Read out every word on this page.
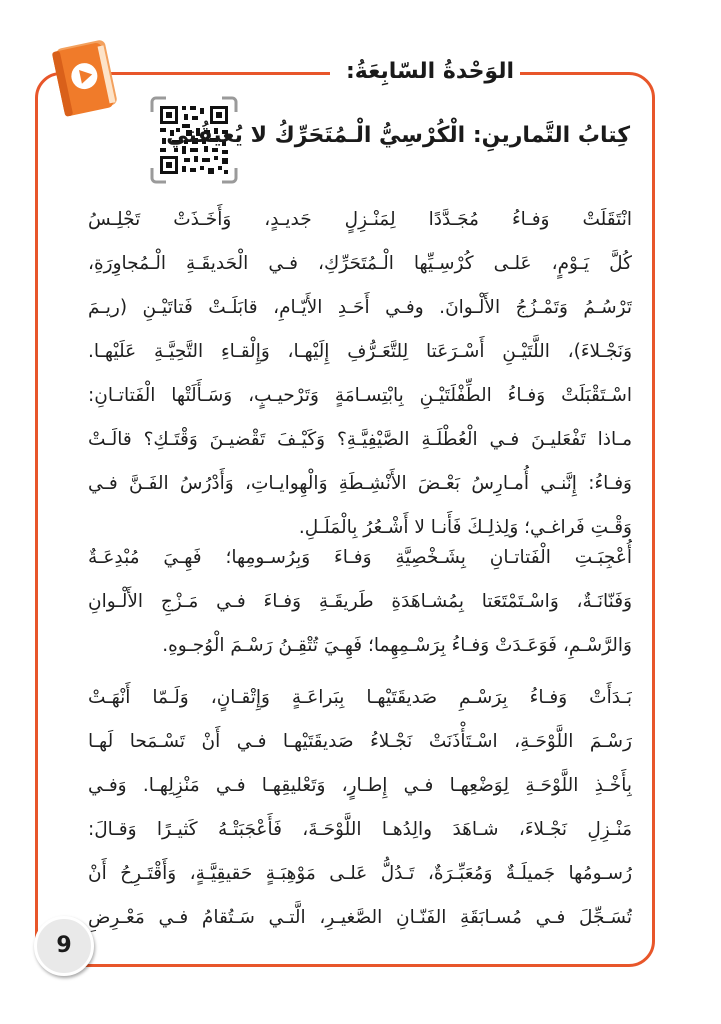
الوَحْدةُ السّابِعَةُ:
كِتابُ التَّمارينِ: الْكُرْسِيُّ الْـمُتَحَرِّكُ لا يُعيقُني
انْتَقَلَتْ وَفـاءُ مُجَـدَّدًا لِمَنْـزِلٍ جَديـدٍ، وَأَخَـذَتْ تَجْلِـسُ
كُلَّ يَـوْمٍ، عَلـى كُرْسِـيِّها الْـمُتَحَرِّكِ، فـي الْحَديقَـةِ الْـمُجاوِرَةِ،
تَرْسُـمُ وَتَمْـزُجُ الأَلْـوانَ. وفـي أَحَـدِ الأَيّـامِ، قابَلَـتْ فَتاتَيْـنِ (ريـمَ
وَنَجْـلاءَ)، اللَّتَيْـنِ أَسْـرَعَتا لِلتَّعَـرُّفِ إِلَيْهـا، وَإِلْقـاءِ التَّحِيَّـةِ عَلَيْهـا.
اسْـتَقْبَلَتْ وَفـاءُ الطِّفْلَتَيْـنِ بِابْتِسـامَةٍ وَتَرْحيـبٍ، وَسَـأَلَتْها الْفَتاتـانِ:
مـاذا تَفْعَليـنَ فـي الْعُطْلَـةِ الصَّيْفِيَّـةِ؟ وَكَيْـفَ تَقْضيـنَ وَقْتَـكِ؟ قالَـتْ
وَفـاءُ: إِنَّنـي أُمـارِسُ بَعْـضَ الأَنْشِـطَةِ وَالْهِوايـاتِ، وَأَدْرُسُ الفَـنَّ فـي
وَقْـتِ فَراغـي؛ وَلِذلِـكَ فَأَنـا لا أَشْـعُرُ بِالْمَلَـلِ.
أُعْجِبَـتِ الْفَتاتـانِ بِشَـخْصِيَّةِ وَفـاءَ وَبِرُسـومِها؛ فَهِـيَ مُبْدِعَـةٌ
وَفَنّانَـةٌ، وَاسْـتَمْتَعَتا بِمُشـاهَدَةِ طَريقَـةِ وَفـاءَ فـي مَـزْجِ الأَلْـوانِ
وَالرَّسْـمِ، فَوَعَـدَتْ وَفـاءُ بِرَسْـمِهِما؛ فَهِـيَ تُتْقِـنُ رَسْـمَ الْوُجـوهِ.
بَـدَأَتْ وَفـاءُ بِرَسْـمِ صَديقَتَيْهـا بِبَراعَـةٍ وَإِتْقـانٍ، وَلَـمّا أَنْهَـتْ
رَسْـمَ اللَّوْحَـةِ، اسْـتَأْذَنَتْ نَجْـلاءُ صَديقَتَيْهـا فـي أَنْ تَسْـمَحا لَهـا
بِأَخْـذِ اللَّوْحَـةِ لِوَضْعِهـا فـي إِطـارٍ، وَتَعْليقِهـا فـي مَنْزِلِهـا. وَفـي
مَنْـزِلِ نَجْـلاءَ، شـاهَدَ والِدُهـا اللَّوْحَـةَ، فَأَعْجَبَتْـهُ كَثيـرًا وَقـالَ:
رُسـومُها جَميلَـةٌ وَمُعَبِّـرَةٌ، تَـدُلُّ عَلـى مَوْهِبَـةٍ حَقيقِيَّـةٍ، وَأَقْتَـرِحُ أَنْ
تُسَـجِّلَ فـي مُسـابَقَةِ الفَنّـانِ الصَّغيـرِ، الَّتـي سَـتُقامُ فـي مَعْـرِضِ
9
